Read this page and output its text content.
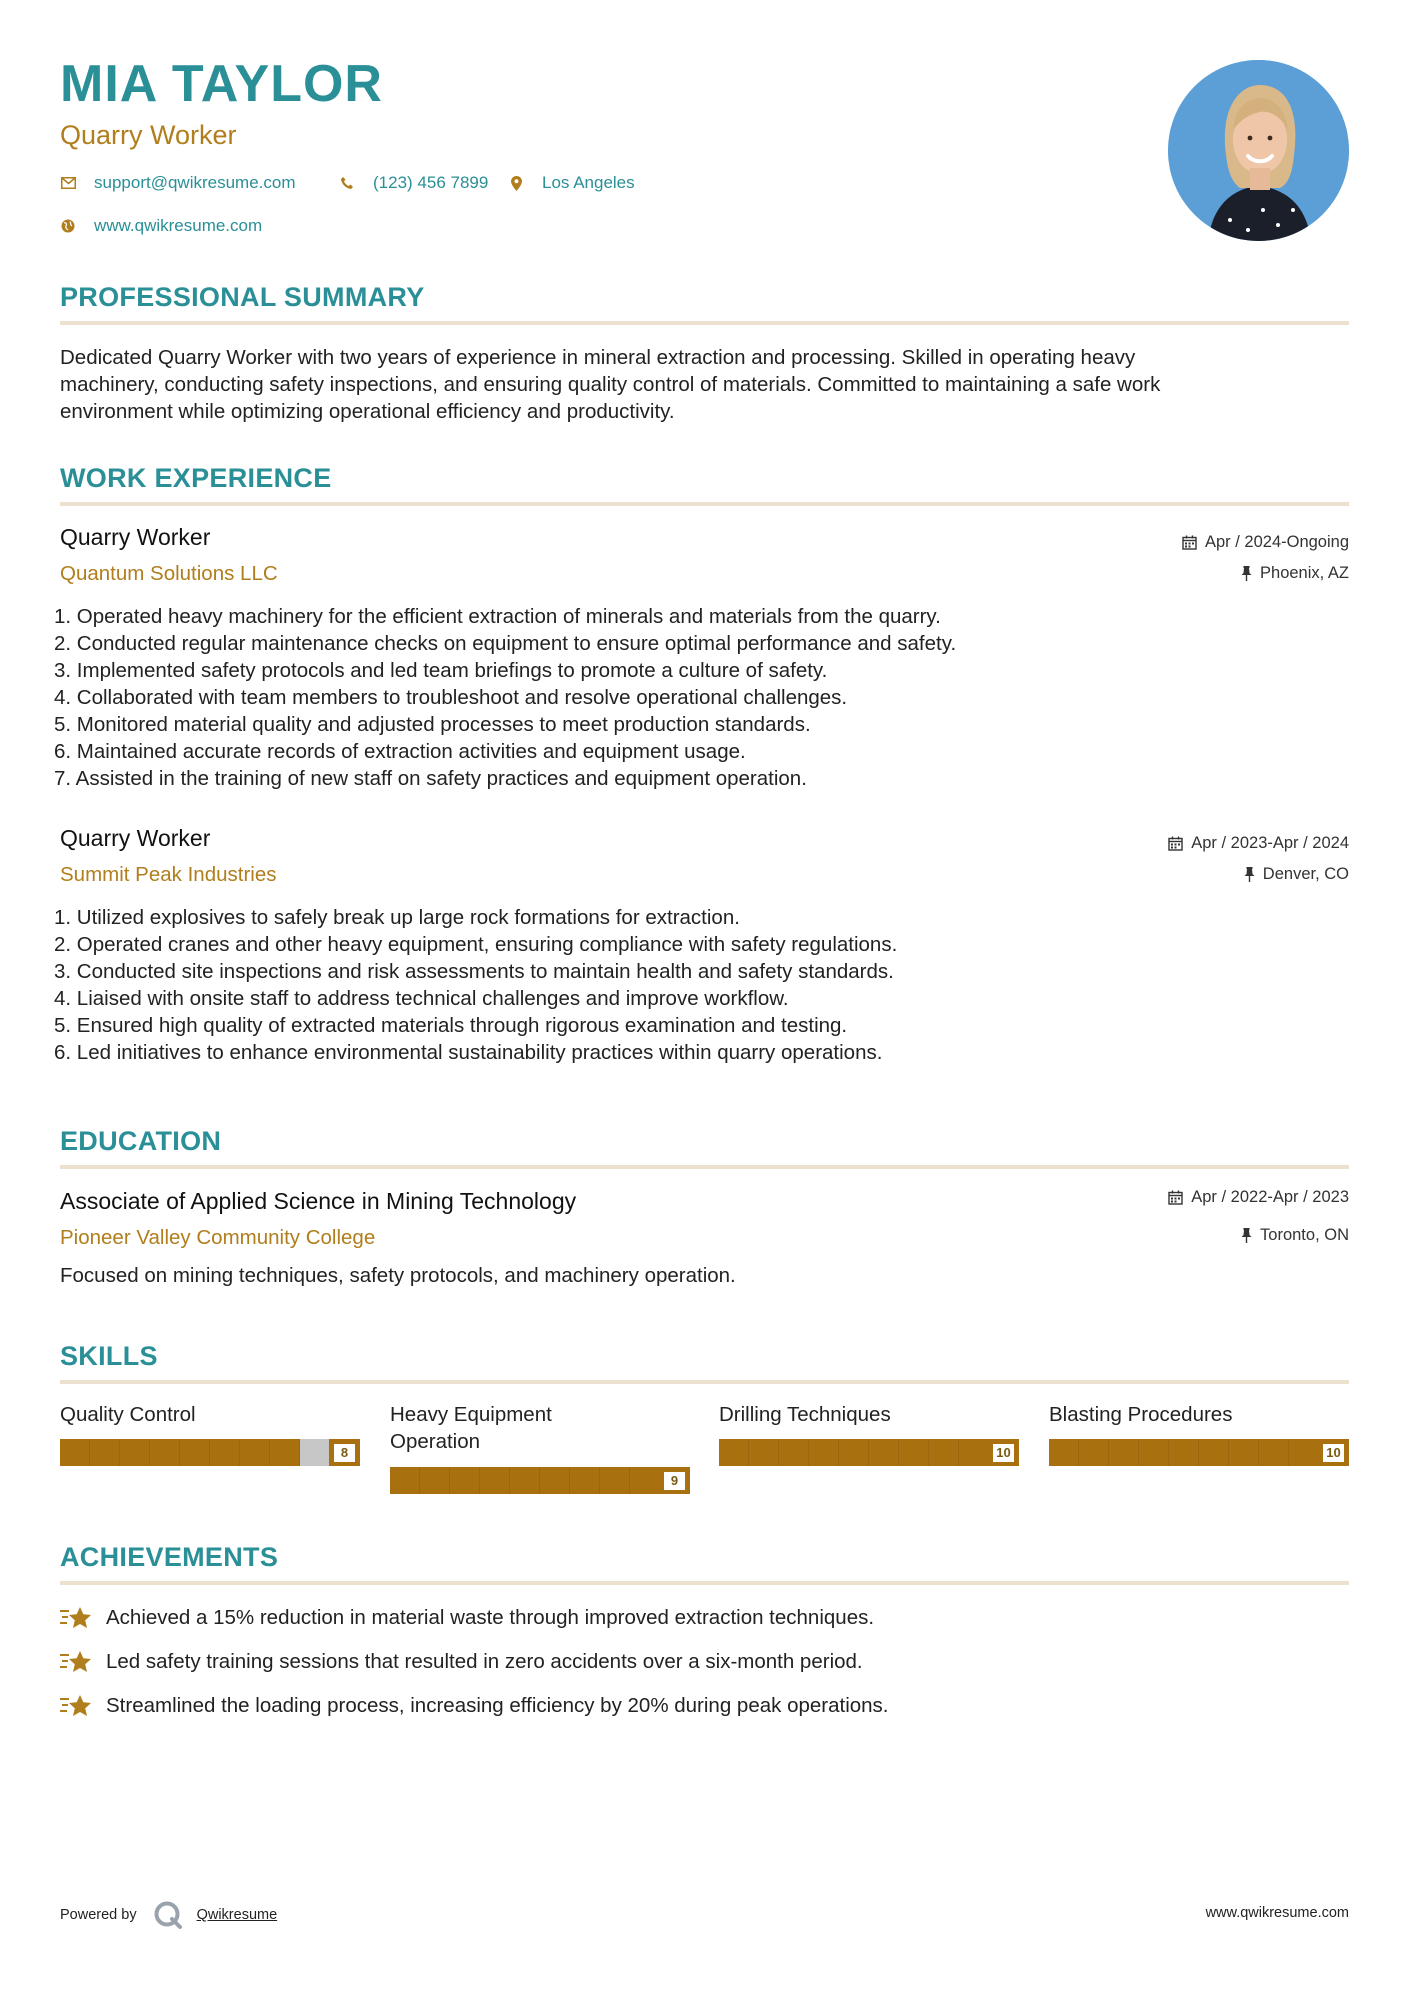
MIA TAYLOR
Quarry Worker
support@qwikresume.com	(123) 456 7899	Los Angeles
www.qwikresume.com
PROFESSIONAL SUMMARY
Dedicated Quarry Worker with two years of experience in mineral extraction and processing. Skilled in operating heavy
machinery, conducting safety inspections, and ensuring quality control of materials. Committed to maintaining a safe work
environment while optimizing operational efficiency and productivity.
WORK EXPERIENCE
Quarry Worker
Quantum Solutions LLC
Apr / 2024-Ongoing
Phoenix, AZ
1. Operated heavy machinery for the efficient extraction of minerals and materials from the quarry.
2. Conducted regular maintenance checks on equipment to ensure optimal performance and safety.
3. Implemented safety protocols and led team briefings to promote a culture of safety.
4. Collaborated with team members to troubleshoot and resolve operational challenges.
5. Monitored material quality and adjusted processes to meet production standards.
6. Maintained accurate records of extraction activities and equipment usage.
7. Assisted in the training of new staff on safety practices and equipment operation.
Quarry Worker
Summit Peak Industries
Apr / 2023-Apr / 2024
Denver, CO
1. Utilized explosives to safely break up large rock formations for extraction.
2. Operated cranes and other heavy equipment, ensuring compliance with safety regulations.
3. Conducted site inspections and risk assessments to maintain health and safety standards.
4. Liaised with onsite staff to address technical challenges and improve workflow.
5. Ensured high quality of extracted materials through rigorous examination and testing.
6. Led initiatives to enhance environmental sustainability practices within quarry operations.
EDUCATION
Associate of Applied Science in Mining Technology
Pioneer Valley Community College
Apr / 2022-Apr / 2023
Toronto, ON
Focused on mining techniques, safety protocols, and machinery operation.
SKILLS
Quality Control
8
Heavy Equipment
Operation
9
Drilling Techniques
10
Blasting Procedures
10
ACHIEVEMENTS
Achieved a 15% reduction in material waste through improved extraction techniques.
Led safety training sessions that resulted in zero accidents over a six-month period.
Streamlined the loading process, increasing efficiency by 20% during peak operations.
Powered by	Qwikresume	www.qwikresume.com
